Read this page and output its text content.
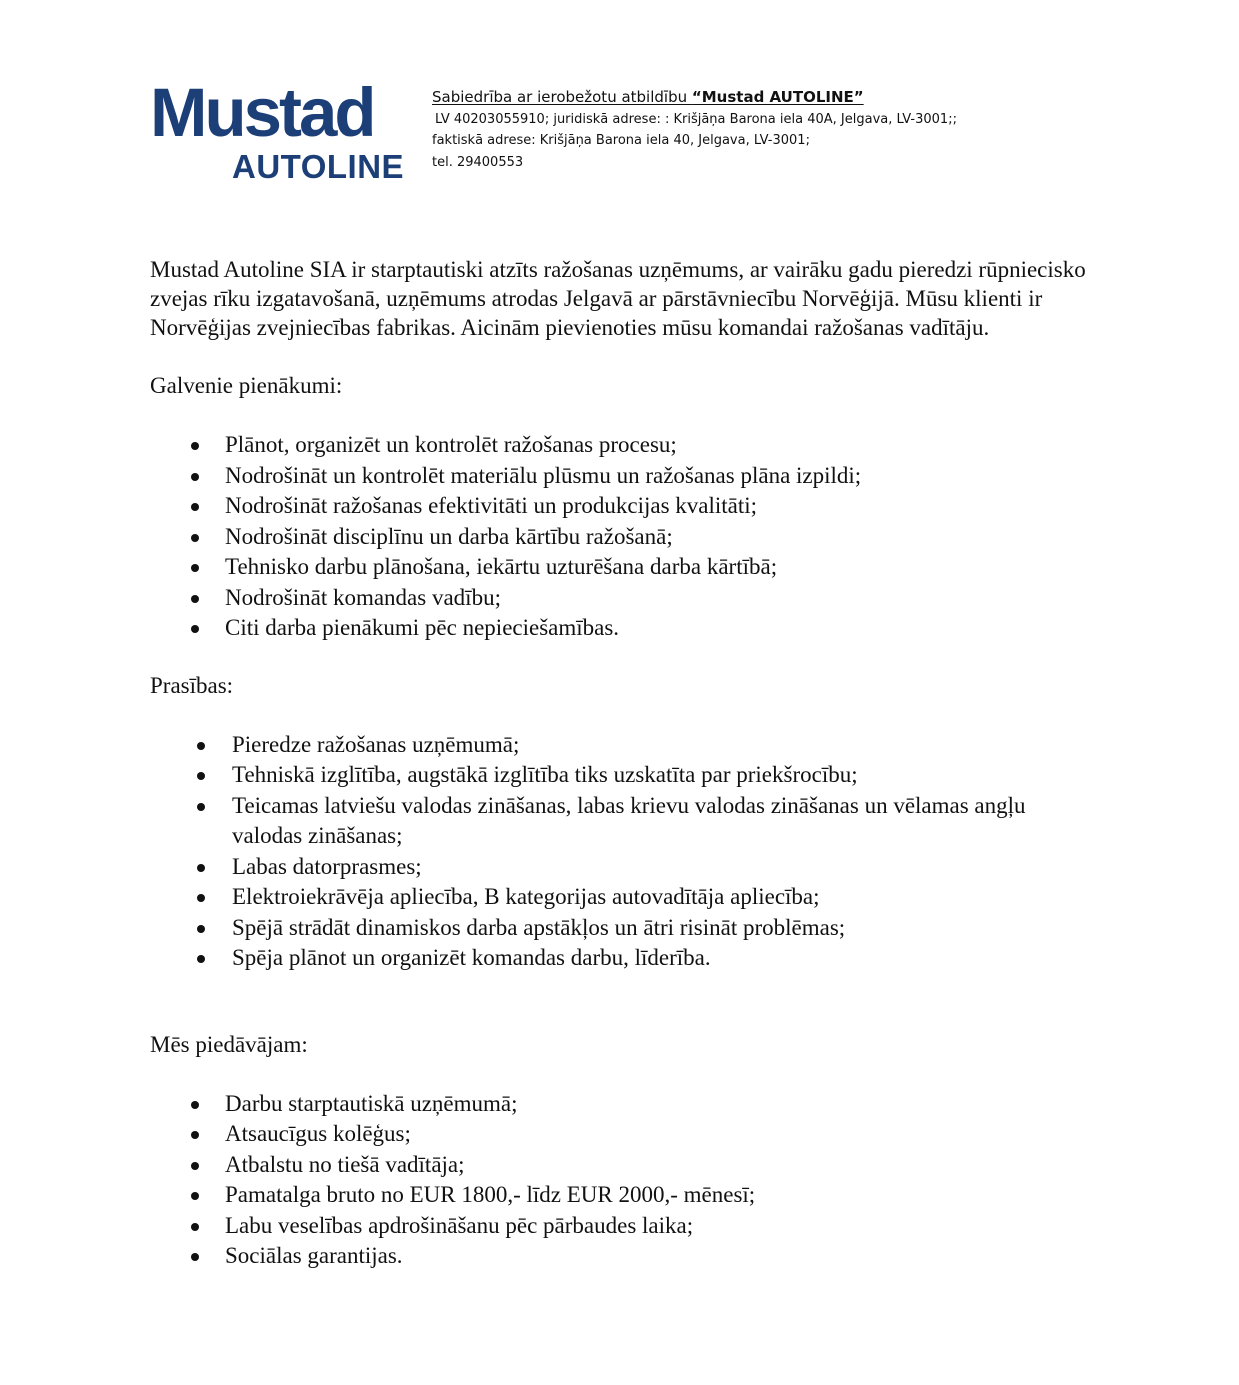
Mustad
AUTOLINE
Sabiedrība ar ierobežotu atbildību “Mustad AUTOLINE”
LV 40203055910; juridiskā adrese: : Krišjāņa Barona iela 40A, Jelgava, LV-3001;;
faktiskā adrese: Krišjāņa Barona iela 40, Jelgava, LV-3001;
tel. 29400553

Mustad Autoline SIA ir starptautiski atzīts ražošanas uzņēmums, ar vairāku gadu pieredzi rūpniecisko zvejas rīku izgatavošanā, uzņēmums atrodas Jelgavā ar pārstāvniecību Norvēģijā. Mūsu klienti ir Norvēģijas zvejniecības fabrikas. Aicinām pievienoties mūsu komandai ražošanas vadītāju.

Galvenie pienākumi:

Plānot, organizēt un kontrolēt ražošanas procesu;
Nodrošināt un kontrolēt materiālu plūsmu un ražošanas plāna izpildi;
Nodrošināt ražošanas efektivitāti un produkcijas kvalitāti;
Nodrošināt disciplīnu un darba kārtību ražošanā;
Tehnisko darbu plānošana, iekārtu uzturēšana darba kārtībā;
Nodrošināt komandas vadību;
Citi darba pienākumi pēc nepieciešamības.

Prasības:

Pieredze ražošanas uzņēmumā;
Tehniskā izglītība, augstākā izglītība tiks uzskatīta par priekšrocību;
Teicamas latviešu valodas zināšanas, labas krievu valodas zināšanas un vēlamas angļu valodas zināšanas;
Labas datorprasmes;
Elektroiekrāvēja apliecība, B kategorijas autovadītāja apliecība;
Spējā strādāt dinamiskos darba apstākļos un ātri risināt problēmas;
Spēja plānot un organizēt komandas darbu, līderība.

Mēs piedāvājam:

Darbu starptautiskā uzņēmumā;
Atsaucīgus kolēģus;
Atbalstu no tiešā vadītāja;
Pamatalga bruto no EUR 1800,- līdz EUR 2000,- mēnesī;
Labu veselības apdrošināšanu pēc pārbaudes laika;
Sociālas garantijas.
